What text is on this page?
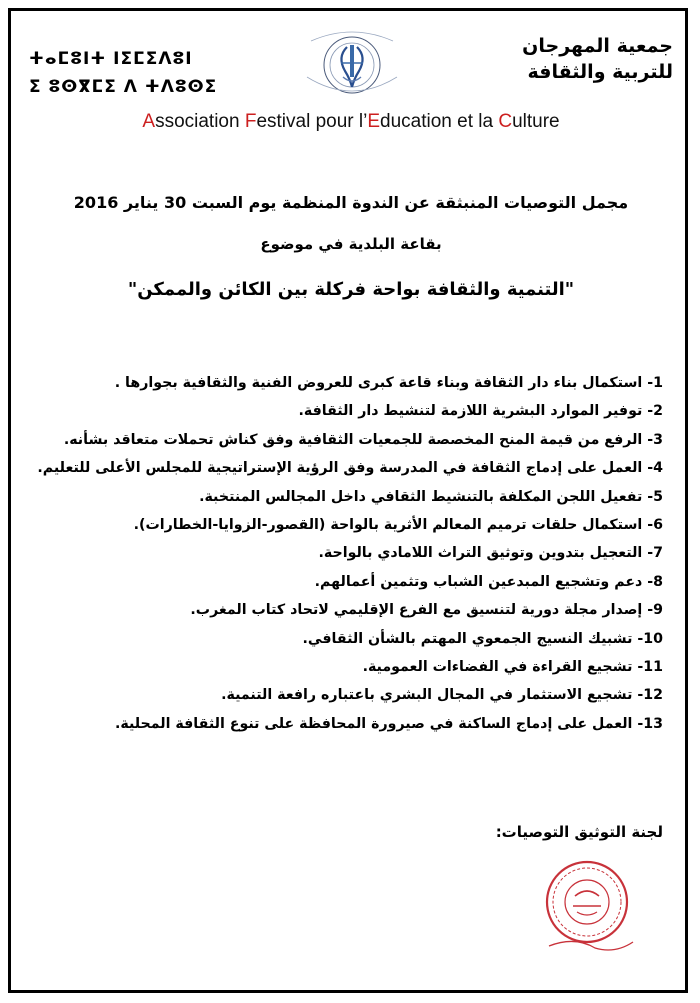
ⵜⴰⵎⵓⵏⵜ ⵏⵉⵎⵉⴷⵓⵏ
ⵉ ⵓⵙⴳⵎⵉ ⴷ ⵜⴷⵓⵙⵉ
جمعية المهرجان
للتربية والثقافة
Association Festival pour l’Education et la Culture
مجمل التوصيات المنبثقة عن الندوة المنظمة يوم السبت 30 يناير 2016
بقاعة البلدية في موضوع
"التنمية والثقافة بواحة فركلة بين الكائن والممكن"
1- استكمال بناء دار الثقافة وبناء قاعة كبرى للعروض الفنية والثقافية بجوارها .
2- توفير الموارد البشرية اللازمة لتنشيط دار الثقافة.
3- الرفع من قيمة المنح المخصصة للجمعيات الثقافية وفق كناش تحملات متعاقد بشأنه.
4- العمل على إدماج الثقافة في المدرسة وفق الرؤية الإستراتيجية للمجلس الأعلى للتعليم.
5- تفعيل اللجن المكلفة بالتنشيط الثقافي داخل المجالس المنتخبة.
6- استكمال حلقات ترميم المعالم الأثرية بالواحة (القصور-الزوايا-الخطارات).
7- التعجيل بتدوين وتوثيق التراث اللامادي بالواحة.
8- دعم وتشجيع المبدعين الشباب وتثمين أعمالهم.
9- إصدار مجلة دورية لتنسيق مع الفرع الإقليمي لاتحاد كتاب المغرب.
10- تشبيك النسيج الجمعوي المهتم بالشأن الثقافي.
11- تشجيع القراءة في الفضاءات العمومية.
12- تشجيع الاستثمار في المجال البشري باعتباره رافعة التنمية.
13- العمل على إدماج الساكنة في صيرورة المحافظة على تنوع الثقافة المحلية.
لجنة التوثيق التوصيات:
